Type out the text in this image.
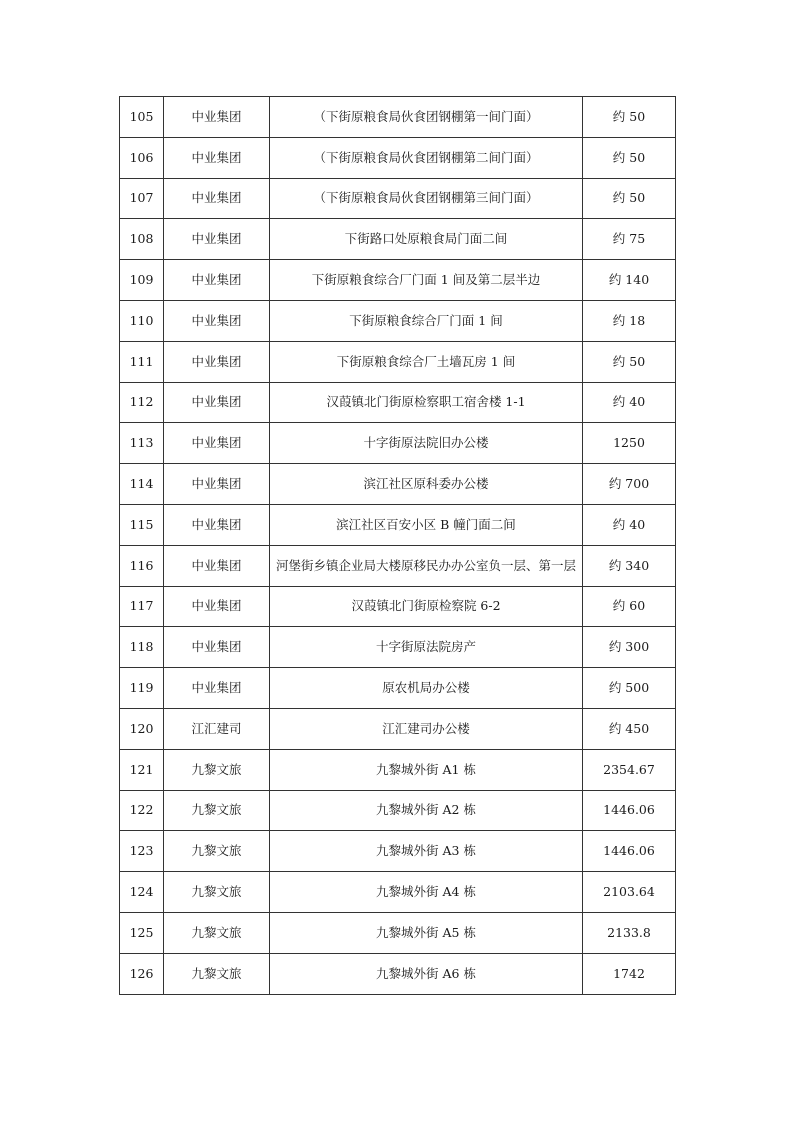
105	中业集团	（下街原粮食局伙食团钢棚第一间门面）	约 50
106	中业集团	（下街原粮食局伙食团钢棚第二间门面）	约 50
107	中业集团	（下街原粮食局伙食团钢棚第三间门面）	约 50
108	中业集团	下街路口处原粮食局门面二间	约 75
109	中业集团	下街原粮食综合厂门面 1 间及第二层半边	约 140
110	中业集团	下街原粮食综合厂门面 1 间	约 18
111	中业集团	下街原粮食综合厂土墙瓦房 1 间	约 50
112	中业集团	汉葭镇北门街原检察职工宿舍楼 1-1	约 40
113	中业集团	十字街原法院旧办公楼	1250
114	中业集团	滨江社区原科委办公楼	约 700
115	中业集团	滨江社区百安小区 B 幢门面二间	约 40
116	中业集团	河堡街乡镇企业局大楼原移民办办公室负一层、第一层	约 340
117	中业集团	汉葭镇北门街原检察院 6-2	约 60
118	中业集团	十字街原法院房产	约 300
119	中业集团	原农机局办公楼	约 500
120	江汇建司	江汇建司办公楼	约 450
121	九黎文旅	九黎城外街 A1 栋	2354.67
122	九黎文旅	九黎城外街 A2 栋	1446.06
123	九黎文旅	九黎城外街 A3 栋	1446.06
124	九黎文旅	九黎城外街 A4 栋	2103.64
125	九黎文旅	九黎城外街 A5 栋	2133.8
126	九黎文旅	九黎城外街 A6 栋	1742
